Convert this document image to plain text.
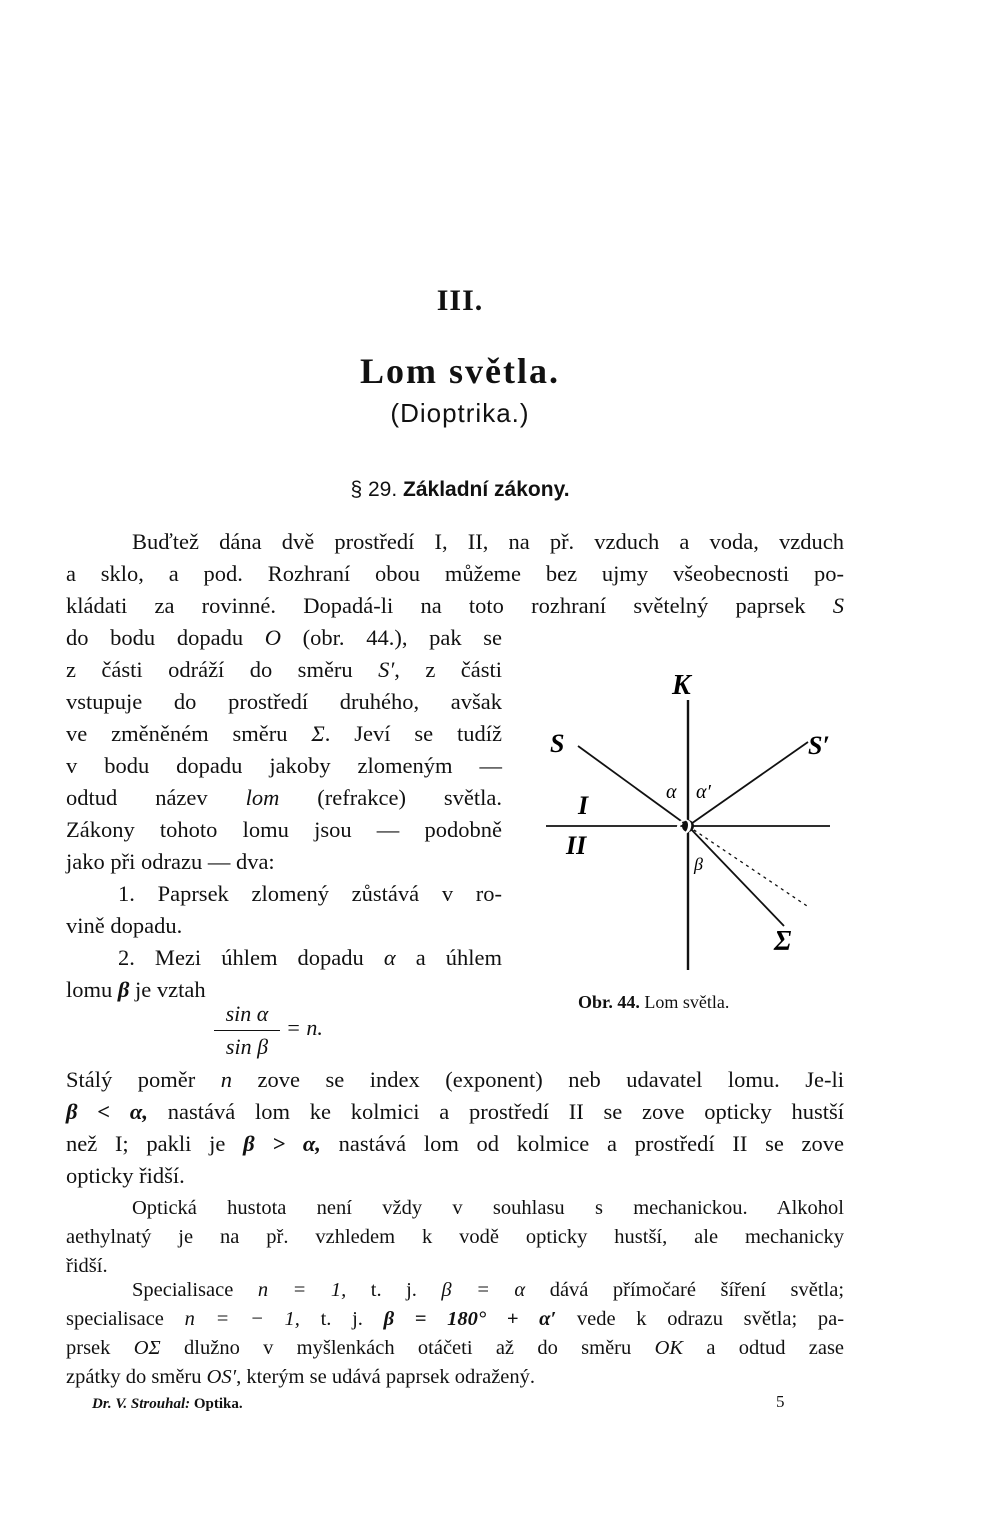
III.
Lom světla.
(Dioptrika.)
§ 29. Základní zákony.
Buďtež dána dvě prostředí I, II, na př. vzduch a voda, vzduch
a sklo, a pod. Rozhraní obou můžeme bez ujmy všeobecnosti po-
kládati za rovinné. Dopadá-li na toto rozhraní světelný paprsek S
do bodu dopadu O (obr. 44.), pak se
z části odráží do směru S′, z části
vstupuje do prostředí druhého, avšak
ve změněném směru Σ. Jeví se tudíž
v bodu dopadu jakoby zlomeným —
odtud název lom (refrakce) světla.
Zákony tohoto lomu jsou — podobně
jako při odrazu — dva:
1. Paprsek zlomený zůstává v ro-
vině dopadu.
2. Mezi úhlem dopadu α a úhlem
lomu β je vztah
sin α
sin β
= n.
K
S	S′
I
II
O
α α′
β
Σ
Obr. 44. Lom světla.
Stálý poměr n zove se index (exponent) neb udavatel lomu. Je-li
β < α, nastává lom ke kolmici a prostředí II se zove opticky hustší
než I; pakli je β > α, nastává lom od kolmice a prostředí II se zove
opticky řidší.
Optická hustota není vždy v souhlasu s mechanickou. Alkohol
aethylnatý je na př. vzhledem k vodě opticky hustší, ale mechanicky
řidší.
Specialisace n = 1, t. j. β = α dává přímočaré šíření světla;
specialisace n = − 1, t. j. β = 180° + α′ vede k odrazu světla; pa-
prsek OΣ dlužno v myšlenkách otáčeti až do směru OK a odtud zase
zpátky do směru OS′, kterým se udává paprsek odražený.
Dr. V. Strouhal: Optika.	5
